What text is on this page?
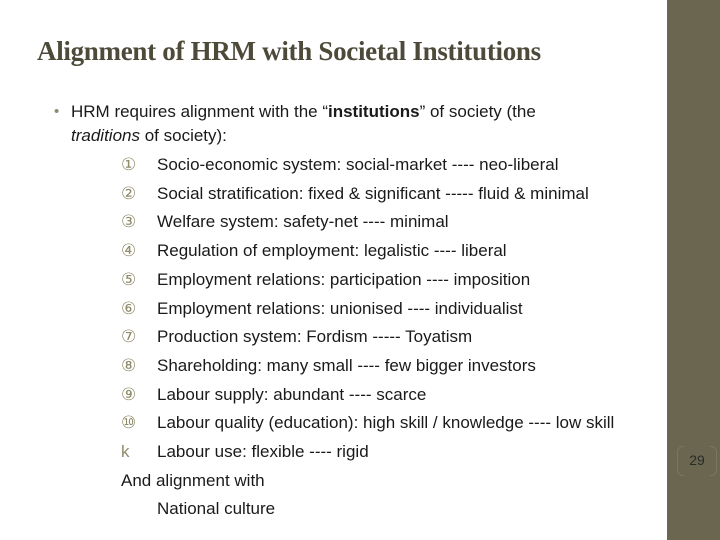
Alignment of HRM with Societal Institutions
• HRM requires alignment with the “institutions” of society (the
traditions of society):
①	Socio-economic system: social-market ---- neo-liberal
②	Social stratification: fixed & significant ----- fluid & minimal
③	Welfare system: safety-net ---- minimal
④	Regulation of employment: legalistic ---- liberal
⑤	Employment relations: participation ---- imposition
⑥	Employment relations: unionised ---- individualist
⑦	Production system: Fordism ----- Toyatism
⑧	Shareholding: many small ---- few bigger investors
⑨	Labour supply: abundant ---- scarce
⑩	Labour quality (education): high skill / knowledge ---- low skill
k	Labour use: flexible ---- rigid
And alignment with
National culture
29
